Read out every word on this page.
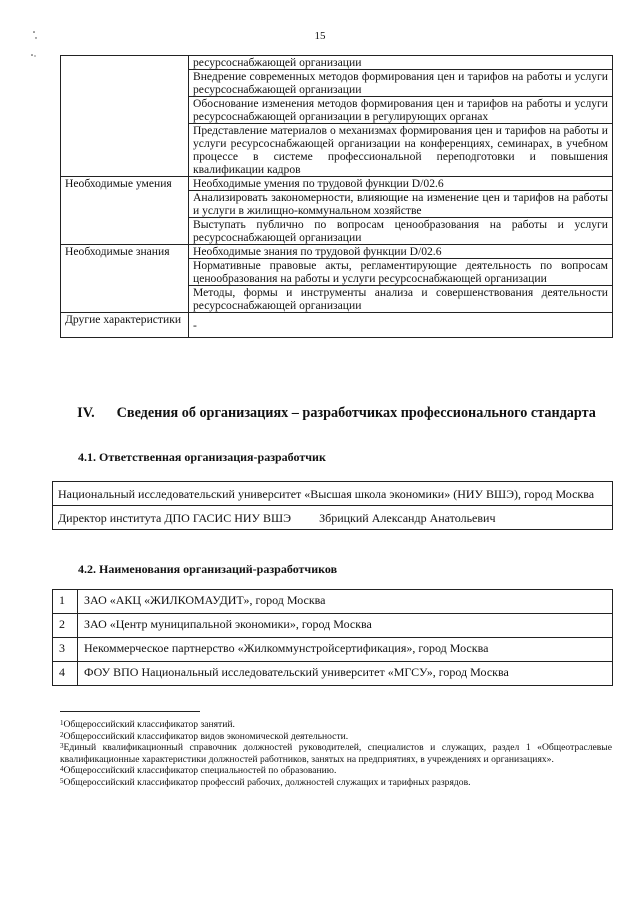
15
	ресурсоснабжающей организации
	Внедрение современных методов формирования цен и тарифов на работы и услуги ресурсоснабжающей организации
	Обоснование изменения методов формирования цен и тарифов на работы и услуги ресурсоснабжающей организации в регулирующих органах
	Представление материалов о механизмах формирования цен и тарифов на работы и услуги ресурсоснабжающей организации на конференциях, семинарах, в учебном процессе в системе профессиональной переподготовки и повышения квалификации кадров
Необходимые умения	Необходимые умения по трудовой функции D/02.6
	Анализировать закономерности, влияющие на изменение цен и тарифов на работы и услуги в жилищно-коммунальном хозяйстве
	Выступать публично по вопросам ценообразования на работы и услуги ресурсоснабжающей организации
Необходимые знания	Необходимые знания по трудовой функции D/02.6
	Нормативные правовые акты, регламентирующие деятельность по вопросам ценообразования на работы и услуги ресурсоснабжающей организации
	Методы, формы и инструменты анализа и совершенствования деятельности ресурсоснабжающей организации
Другие характеристики	-
IV. Сведения об организациях – разработчиках профессионального стандарта
4.1. Ответственная организация-разработчик
Национальный исследовательский университет «Высшая школа экономики» (НИУ ВШЭ), город Москва
Директор института ДПО ГАСИС НИУ ВШЭ Збрицкий Александр Анатольевич
4.2. Наименования организаций-разработчиков
1	ЗАО «АКЦ «ЖИЛКОМАУДИТ», город Москва
2	ЗАО «Центр муниципальной экономики», город Москва
3	Некоммерческое партнерство «Жилкоммунстройсертификация», город Москва
4	ФОУ ВПО Национальный исследовательский университет «МГСУ», город Москва
$^1$Общероссийский классификатор занятий.
$^2$Общероссийский классификатор видов экономической деятельности.
$^3$Единый квалификационный справочник должностей руководителей, специалистов и служащих, раздел 1 «Общеотраслевые квалификационные характеристики должностей работников, занятых на предприятиях, в учреждениях и организациях».
$^4$Общероссийский классификатор специальностей по образованию.
$^5$Общероссийский классификатор профессий рабочих, должностей служащих и тарифных разрядов.
